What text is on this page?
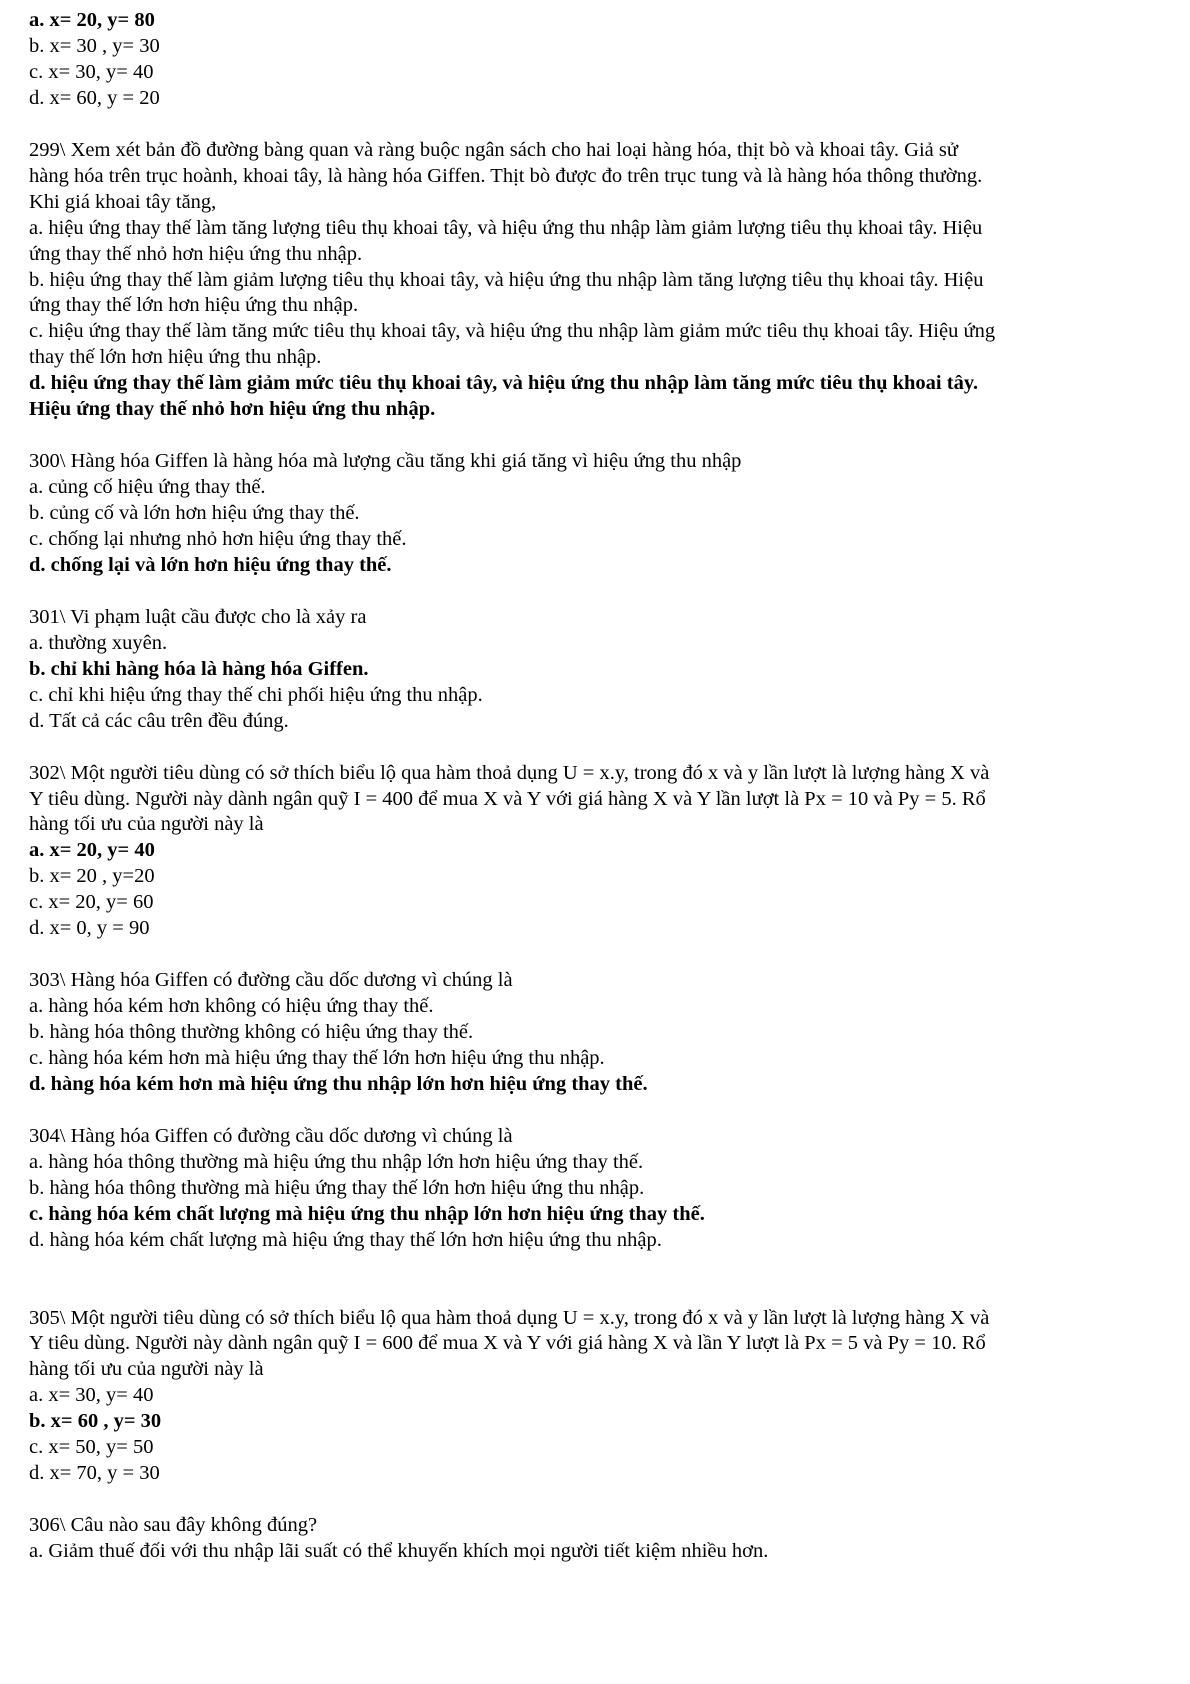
a. x= 20, y= 80
b. x= 30 , y= 30
c. x= 30, y= 40
d. x= 60, y = 20
299\ Xem xét bản đồ đường bàng quan và ràng buộc ngân sách cho hai loại hàng hóa, thịt bò và khoai tây. Giả sử
hàng hóa trên trục hoành, khoai tây, là hàng hóa Giffen. Thịt bò được đo trên trục tung và là hàng hóa thông thường.
Khi giá khoai tây tăng,
a. hiệu ứng thay thế làm tăng lượng tiêu thụ khoai tây, và hiệu ứng thu nhập làm giảm lượng tiêu thụ khoai tây. Hiệu
ứng thay thế nhỏ hơn hiệu ứng thu nhập.
b. hiệu ứng thay thế làm giảm lượng tiêu thụ khoai tây, và hiệu ứng thu nhập làm tăng lượng tiêu thụ khoai tây. Hiệu
ứng thay thế lớn hơn hiệu ứng thu nhập.
c. hiệu ứng thay thế làm tăng mức tiêu thụ khoai tây, và hiệu ứng thu nhập làm giảm mức tiêu thụ khoai tây. Hiệu ứng
thay thế lớn hơn hiệu ứng thu nhập.
d. hiệu ứng thay thế làm giảm mức tiêu thụ khoai tây, và hiệu ứng thu nhập làm tăng mức tiêu thụ khoai tây.
Hiệu ứng thay thế nhỏ hơn hiệu ứng thu nhập.
300\ Hàng hóa Giffen là hàng hóa mà lượng cầu tăng khi giá tăng vì hiệu ứng thu nhập
a. củng cố hiệu ứng thay thế.
b. củng cố và lớn hơn hiệu ứng thay thế.
c. chống lại nhưng nhỏ hơn hiệu ứng thay thế.
d. chống lại và lớn hơn hiệu ứng thay thế.
301\ Vi phạm luật cầu được cho là xảy ra
a. thường xuyên.
b. chỉ khi hàng hóa là hàng hóa Giffen.
c. chỉ khi hiệu ứng thay thế chi phối hiệu ứng thu nhập.
d. Tất cả các câu trên đều đúng.
302\ Một người tiêu dùng có sở thích biểu lộ qua hàm thoả dụng U = x.y, trong đó x và y lần lượt là lượng hàng X và
Y tiêu dùng. Người này dành ngân quỹ I = 400 để mua X và Y với giá hàng X và Y lần lượt là Px = 10 và Py = 5. Rổ
hàng tối ưu của người này là
a. x= 20, y= 40
b. x= 20 , y=20
c. x= 20, y= 60
d. x= 0, y = 90
303\ Hàng hóa Giffen có đường cầu dốc dương vì chúng là
a. hàng hóa kém hơn không có hiệu ứng thay thế.
b. hàng hóa thông thường không có hiệu ứng thay thế.
c. hàng hóa kém hơn mà hiệu ứng thay thế lớn hơn hiệu ứng thu nhập.
d. hàng hóa kém hơn mà hiệu ứng thu nhập lớn hơn hiệu ứng thay thế.
304\ Hàng hóa Giffen có đường cầu dốc dương vì chúng là
a. hàng hóa thông thường mà hiệu ứng thu nhập lớn hơn hiệu ứng thay thế.
b. hàng hóa thông thường mà hiệu ứng thay thế lớn hơn hiệu ứng thu nhập.
c. hàng hóa kém chất lượng mà hiệu ứng thu nhập lớn hơn hiệu ứng thay thế.
d. hàng hóa kém chất lượng mà hiệu ứng thay thế lớn hơn hiệu ứng thu nhập.
305\ Một người tiêu dùng có sở thích biểu lộ qua hàm thoả dụng U = x.y, trong đó x và y lần lượt là lượng hàng X và
Y tiêu dùng. Người này dành ngân quỹ I = 600 để mua X và Y với giá hàng X và lần Y lượt là Px = 5 và Py = 10. Rổ
hàng tối ưu của người này là
a. x= 30, y= 40
b. x= 60 , y= 30
c. x= 50, y= 50
d. x= 70, y = 30
306\ Câu nào sau đây không đúng?
a. Giảm thuế đối với thu nhập lãi suất có thể khuyến khích mọi người tiết kiệm nhiều hơn.
